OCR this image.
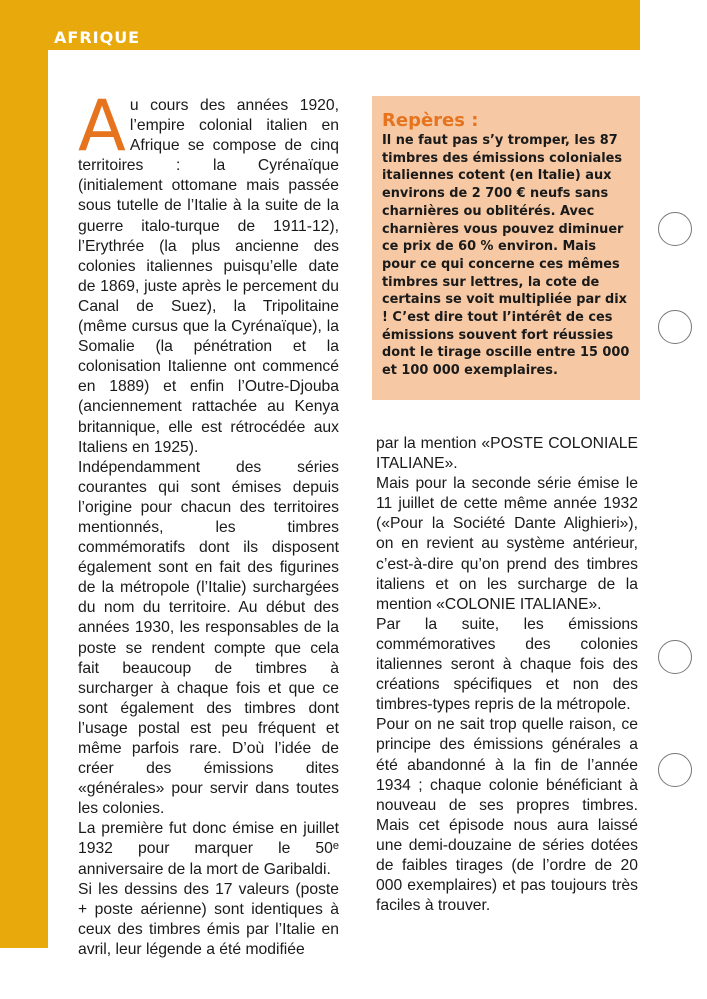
AFRIQUE

Au cours des années 1920, l’empire colonial italien en Afrique se compose de cinq territoires : la Cyrénaïque (initialement ottomane mais passée sous tutelle de l’Italie à la suite de la guerre italo-turque de 1911-12), l’Erythrée (la plus ancienne des colonies italiennes puisqu’elle date de 1869, juste après le percement du Canal de Suez), la Tripolitaine (même cursus que la Cyrénaïque), la Somalie (la pénétration et la colonisation Italienne ont commencé en 1889) et enfin l’Outre-Djouba (anciennement rattachée au Kenya britannique, elle est rétrocédée aux Italiens en 1925).

Indépendamment des séries courantes qui sont émises depuis l’origine pour chacun des territoires mentionnés, les timbres commémoratifs dont ils disposent également sont en fait des figurines de la métropole (l’Italie) surchargées du nom du territoire. Au début des années 1930, les responsables de la poste se rendent compte que cela fait beaucoup de timbres à surcharger à chaque fois et que ce sont également des timbres dont l’usage postal est peu fréquent et même parfois rare. D’où l’idée de créer des émissions dites «générales» pour servir dans toutes les colonies.

La première fut donc émise en juillet 1932 pour marquer le 50e anniversaire de la mort de Garibaldi.

Si les dessins des 17 valeurs (poste + poste aérienne) sont identiques à ceux des timbres émis par l’Italie en avril, leur légende a été modifiée

Repères :

Il ne faut pas s’y tromper, les 87 timbres des émissions coloniales italiennes cotent (en Italie) aux environs de 2 700 € neufs sans charnières ou oblitérés. Avec charnières vous pouvez diminuer ce prix de 60 % environ. Mais pour ce qui concerne ces mêmes timbres sur lettres, la cote de certains se voit multipliée par dix ! C’est dire tout l’intérêt de ces émissions souvent fort réussies dont le tirage oscille entre 15 000 et 100 000 exemplaires.

par la mention «POSTE COLONIALE ITALIANE».

Mais pour la seconde série émise le 11 juillet de cette même année 1932 («Pour la Société Dante Alighieri»), on en revient au système antérieur, c’est-à-dire qu’on prend des timbres italiens et on les surcharge de la mention «COLONIE ITALIANE».

Par la suite, les émissions commémoratives des colonies italiennes seront à chaque fois des créations spécifiques et non des timbres-types repris de la métropole.

Pour on ne sait trop quelle raison, ce principe des émissions générales a été abandonné à la fin de l’année 1934 ; chaque colonie bénéficiant à nouveau de ses propres timbres. Mais cet épisode nous aura laissé une demi-douzaine de séries dotées de faibles tirages (de l’ordre de 20 000 exemplaires) et pas toujours très faciles à trouver.
